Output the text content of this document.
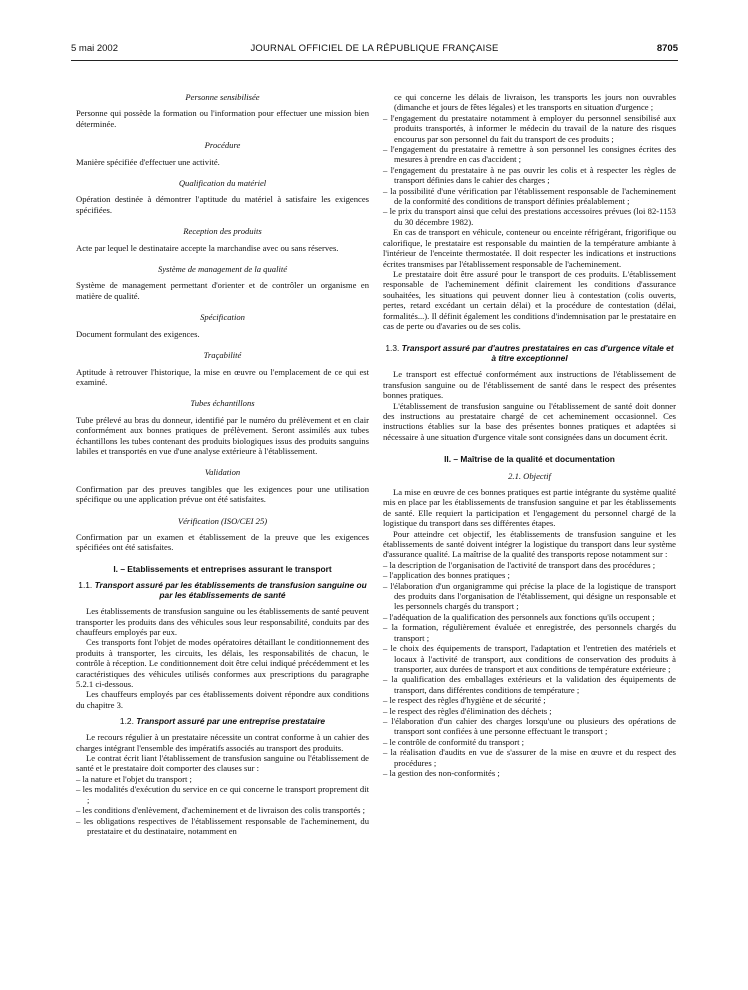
5 mai 2002	JOURNAL OFFICIEL DE LA RÉPUBLIQUE FRANÇAISE	8705

Personne sensibilisée

Personne qui possède la formation ou l'information pour effectuer une mission bien déterminée.

Procédure

Manière spécifiée d'effectuer une activité.

Qualification du matériel

Opération destinée à démontrer l'aptitude du matériel à satisfaire les exigences spécifiées.

Reception des produits

Acte par lequel le destinataire accepte la marchandise avec ou sans réserves.

Système de management de la qualité

Système de management permettant d'orienter et de contrôler un organisme en matière de qualité.

Spécification

Document formulant des exigences.

Traçabilité

Aptitude à retrouver l'historique, la mise en œuvre ou l'emplacement de ce qui est examiné.

Tubes échantillons

Tube prélevé au bras du donneur, identifié par le numéro du prélèvement et en clair conformément aux bonnes pratiques de prélèvement. Seront assimilés aux tubes échantillons les tubes contenant des produits biologiques issus des produits sanguins labiles et transportés en vue d'une analyse extérieure à l'établissement.

Validation

Confirmation par des preuves tangibles que les exigences pour une utilisation spécifique ou une application prévue ont été satisfaites.

Vérification (ISO/CEI 25)

Confirmation par un examen et établissement de la preuve que les exigences spécifiées ont été satisfaites.

I. – Etablissements et entreprises assurant le transport

1.1. Transport assuré par les établissements de transfusion sanguine ou par les établissements de santé

Les établissements de transfusion sanguine ou les établissements de santé peuvent transporter les produits dans des véhicules sous leur responsabilité, conduits par des chauffeurs employés par eux.

Ces transports font l'objet de modes opératoires détaillant le conditionnement des produits à transporter, les circuits, les délais, les responsabilités de chacun, le contrôle à réception. Le conditionnement doit être celui indiqué précédemment et les caractéristiques des véhicules utilisés conformes aux prescriptions du paragraphe 5.2.1 ci-dessous.

Les chauffeurs employés par ces établissements doivent répondre aux conditions du chapitre 3.

1.2. Transport assuré par une entreprise prestataire

Le recours régulier à un prestataire nécessite un contrat conforme à un cahier des charges intégrant l'ensemble des impératifs associés au transport des produits.

Le contrat écrit liant l'établissement de transfusion sanguine ou l'établissement de santé et le prestataire doit comporter des clauses sur :

– la nature et l'objet du transport ;
– les modalités d'exécution du service en ce qui concerne le transport proprement dit ;
– les conditions d'enlèvement, d'acheminement et de livraison des colis transportés ;
– les obligations respectives de l'établissement responsable de l'acheminement, du prestataire et du destinataire, notamment en

ce qui concerne les délais de livraison, les transports les jours non ouvrables (dimanche et jours de fêtes légales) et les transports en situation d'urgence ;

– l'engagement du prestataire notamment à employer du personnel sensibilisé aux produits transportés, à informer le médecin du travail de la nature des risques encourus par son personnel du fait du transport de ces produits ;
– l'engagement du prestataire à remettre à son personnel les consignes écrites des mesures à prendre en cas d'accident ;
– l'engagement du prestataire à ne pas ouvrir les colis et à respecter les règles de transport définies dans le cahier des charges ;
– la possibilité d'une vérification par l'établissement responsable de l'acheminement de la conformité des conditions de transport définies préalablement ;
– le prix du transport ainsi que celui des prestations accessoires prévues (loi 82-1153 du 30 décembre 1982).

En cas de transport en véhicule, conteneur ou enceinte réfrigérant, frigorifique ou calorifique, le prestataire est responsable du maintien de la température ambiante à l'intérieur de l'enceinte thermostatée. Il doit respecter les indications et instructions écrites transmises par l'établissement responsable de l'acheminement.

Le prestataire doit être assuré pour le transport de ces produits. L'établissement responsable de l'acheminement définit clairement les conditions d'assurance souhaitées, les situations qui peuvent donner lieu à contestation (colis ouverts, pertes, retard excédant un certain délai) et la procédure de contestation (délai, formalités...). Il définit également les conditions d'indemnisation par le prestataire en cas de perte ou d'avaries ou de ses colis.

1.3. Transport assuré par d'autres prestataires en cas d'urgence vitale et à titre exceptionnel

Le transport est effectué conformément aux instructions de l'établissement de transfusion sanguine ou de l'établissement de santé dans le respect des présentes bonnes pratiques.

L'établissement de transfusion sanguine ou l'établissement de santé doit donner des instructions au prestataire chargé de cet acheminement occasionnel. Ces instructions établies sur la base des présentes bonnes pratiques et adaptées si nécessaire à une situation d'urgence vitale sont consignées dans un document écrit.

II. – Maîtrise de la qualité et documentation

2.1. Objectif

La mise en œuvre de ces bonnes pratiques est partie intégrante du système qualité mis en place par les établissements de transfusion sanguine et par les établissements de santé. Elle requiert la participation et l'engagement du personnel chargé de la logistique du transport dans ses différentes étapes.

Pour atteindre cet objectif, les établissements de transfusion sanguine et les établissements de santé doivent intégrer la logistique du transport dans leur système d'assurance qualité. La maîtrise de la qualité des transports repose notamment sur :

– la description de l'organisation de l'activité de transport dans des procédures ;
– l'application des bonnes pratiques ;
– l'élaboration d'un organigramme qui précise la place de la logistique de transport des produits dans l'organisation de l'établissement, qui désigne un responsable et les personnels chargés du transport ;
– l'adéquation de la qualification des personnels aux fonctions qu'ils occupent ;
– la formation, régulièrement évaluée et enregistrée, des personnels chargés du transport ;
– le choix des équipements de transport, l'adaptation et l'entretien des matériels et locaux à l'activité de transport, aux conditions de conservation des produits à transporter, aux durées de transport et aux conditions de température extérieure ;
– la qualification des emballages extérieurs et la validation des équipements de transport, dans différentes conditions de température ;
– le respect des règles d'hygiène et de sécurité ;
– le respect des règles d'élimination des déchets ;
– l'élaboration d'un cahier des charges lorsqu'une ou plusieurs des opérations de transport sont confiées à une personne effectuant le transport ;
– le contrôle de conformité du transport ;
– la réalisation d'audits en vue de s'assurer de la mise en œuvre et du respect des procédures ;
– la gestion des non-conformités ;
